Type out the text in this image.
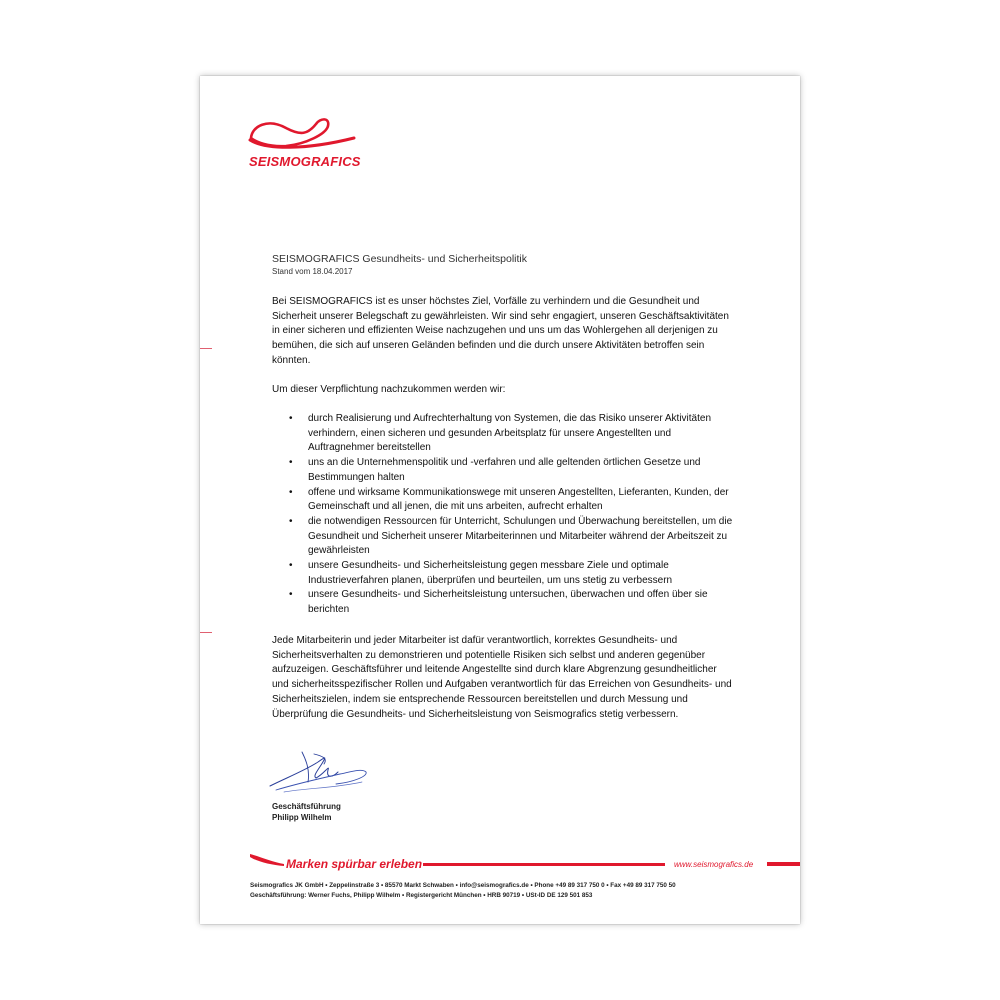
SEISMOGRAFICS
SEISMOGRAFICS Gesundheits- und Sicherheitspolitik
Stand vom 18.04.2017
Bei SEISMOGRAFICS ist es unser höchstes Ziel, Vorfälle zu verhindern und die Gesundheit und Sicherheit unserer Belegschaft zu gewährleisten. Wir sind sehr engagiert, unseren Geschäftsaktivitäten in einer sicheren und effizienten Weise nachzugehen und uns um das Wohlergehen all derjenigen zu bemühen, die sich auf unseren Geländen befinden und die durch unsere Aktivitäten betroffen sein könnten.
Um dieser Verpflichtung nachzukommen werden wir:
• durch Realisierung und Aufrechterhaltung von Systemen, die das Risiko unserer Aktivitäten verhindern, einen sicheren und gesunden Arbeitsplatz für unsere Angestellten und Auftragnehmer bereitstellen
• uns an die Unternehmenspolitik und -verfahren und alle geltenden örtlichen Gesetze und Bestimmungen halten
• offene und wirksame Kommunikationswege mit unseren Angestellten, Lieferanten, Kunden, der Gemeinschaft und all jenen, die mit uns arbeiten, aufrecht erhalten
• die notwendigen Ressourcen für Unterricht, Schulungen und Überwachung bereitstellen, um die Gesundheit und Sicherheit unserer Mitarbeiterinnen und Mitarbeiter während der Arbeitszeit zu gewährleisten
• unsere Gesundheits- und Sicherheitsleistung gegen messbare Ziele und optimale Industrieverfahren planen, überprüfen und beurteilen, um uns stetig zu verbessern
• unsere Gesundheits- und Sicherheitsleistung untersuchen, überwachen und offen über sie berichten
Jede Mitarbeiterin und jeder Mitarbeiter ist dafür verantwortlich, korrektes Gesundheits- und Sicherheitsverhalten zu demonstrieren und potentielle Risiken sich selbst und anderen gegenüber aufzuzeigen. Geschäftsführer und leitende Angestellte sind durch klare Abgrenzung gesundheitlicher und sicherheitsspezifischer Rollen und Aufgaben verantwortlich für das Erreichen von Gesundheits- und Sicherheitszielen, indem sie entsprechende Ressourcen bereitstellen und durch Messung und Überprüfung die Gesundheits- und Sicherheitsleistung von Seismografics stetig verbessern.
Geschäftsführung
Philipp Wilhelm
Marken spürbar erleben	www.seismografics.de
Seismografics JK GmbH • Zeppelinstraße 3 • 85570 Markt Schwaben • info@seismografics.de • Phone +49 89 317 750 0 • Fax +49 89 317 750 50
Geschäftsführung: Werner Fuchs, Philipp Wilhelm • Registergericht München • HRB 90719 • USt-ID DE 129 501 853
